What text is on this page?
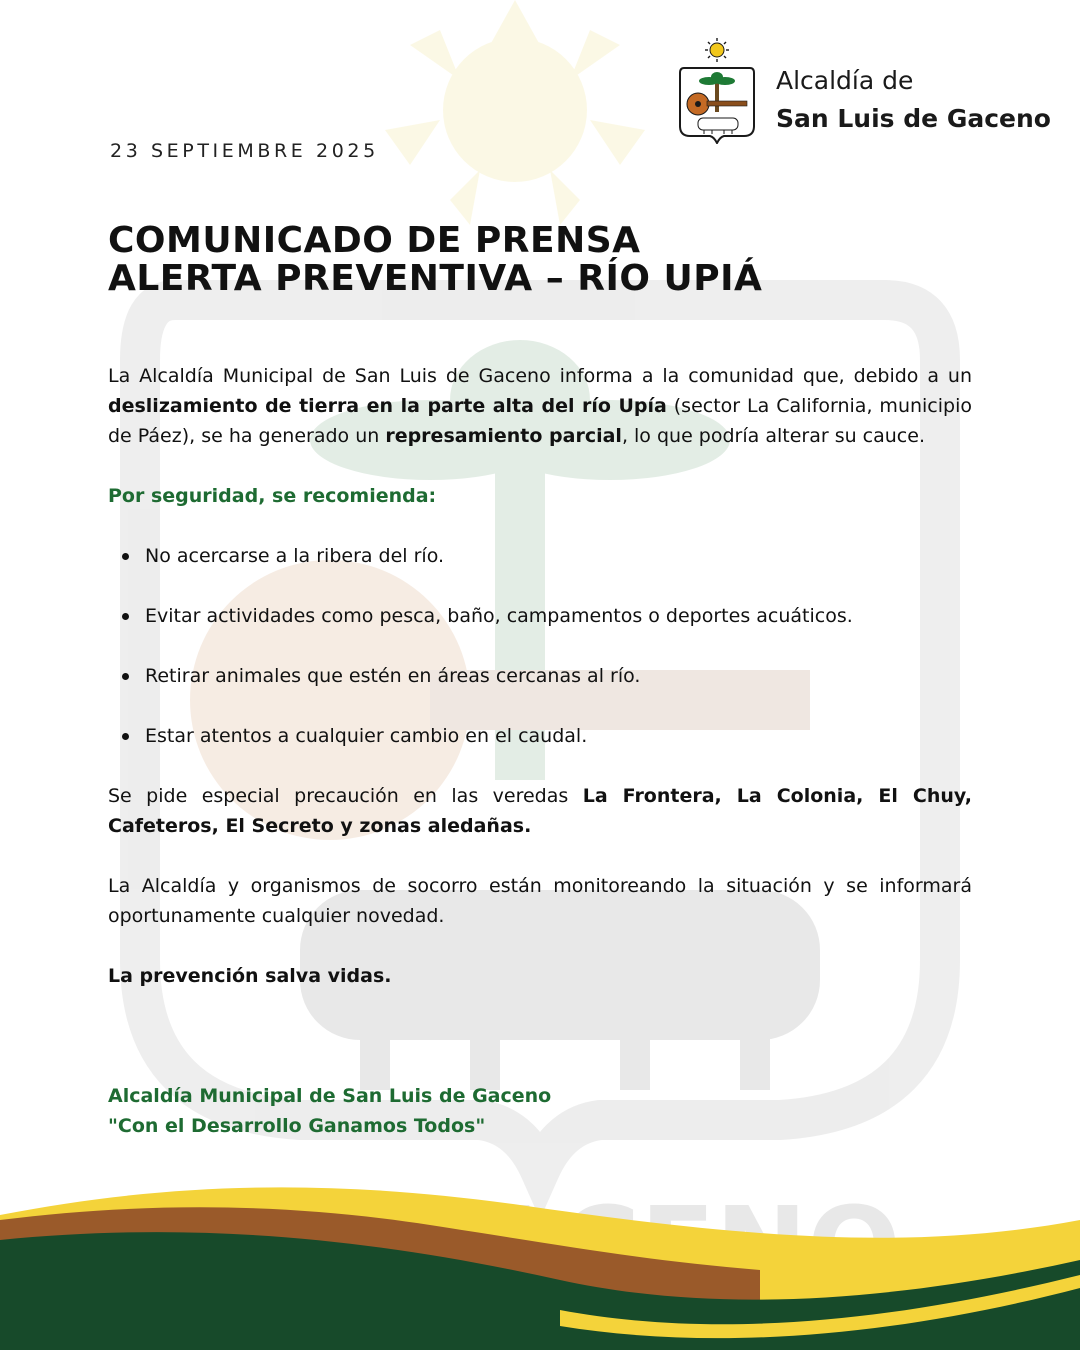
Alcaldía de
San Luis de Gaceno
23 SEPTIEMBRE 2025
COMUNICADO DE PRENSA
ALERTA PREVENTIVA – RÍO UPIÁ

La Alcaldía Municipal de San Luis de Gaceno informa a la comunidad que, debido a un deslizamiento de tierra en la parte alta del río Upía (sector La California, municipio de Páez), se ha generado un represamiento parcial, lo que podría alterar su cauce.

Por seguridad, se recomienda:

No acercarse a la ribera del río.
Evitar actividades como pesca, baño, campamentos o deportes acuáticos.
Retirar animales que estén en áreas cercanas al río.
Estar atentos a cualquier cambio en el caudal.

Se pide especial precaución en las veredas La Frontera, La Colonia, El Chuy, Cafeteros, El Secreto y zonas aledañas.

La Alcaldía y organismos de socorro están monitoreando la situación y se informará oportunamente cualquier novedad.

La prevención salva vidas.

Alcaldía Municipal de San Luis de Gaceno
"Con el Desarrollo Ganamos Todos"
